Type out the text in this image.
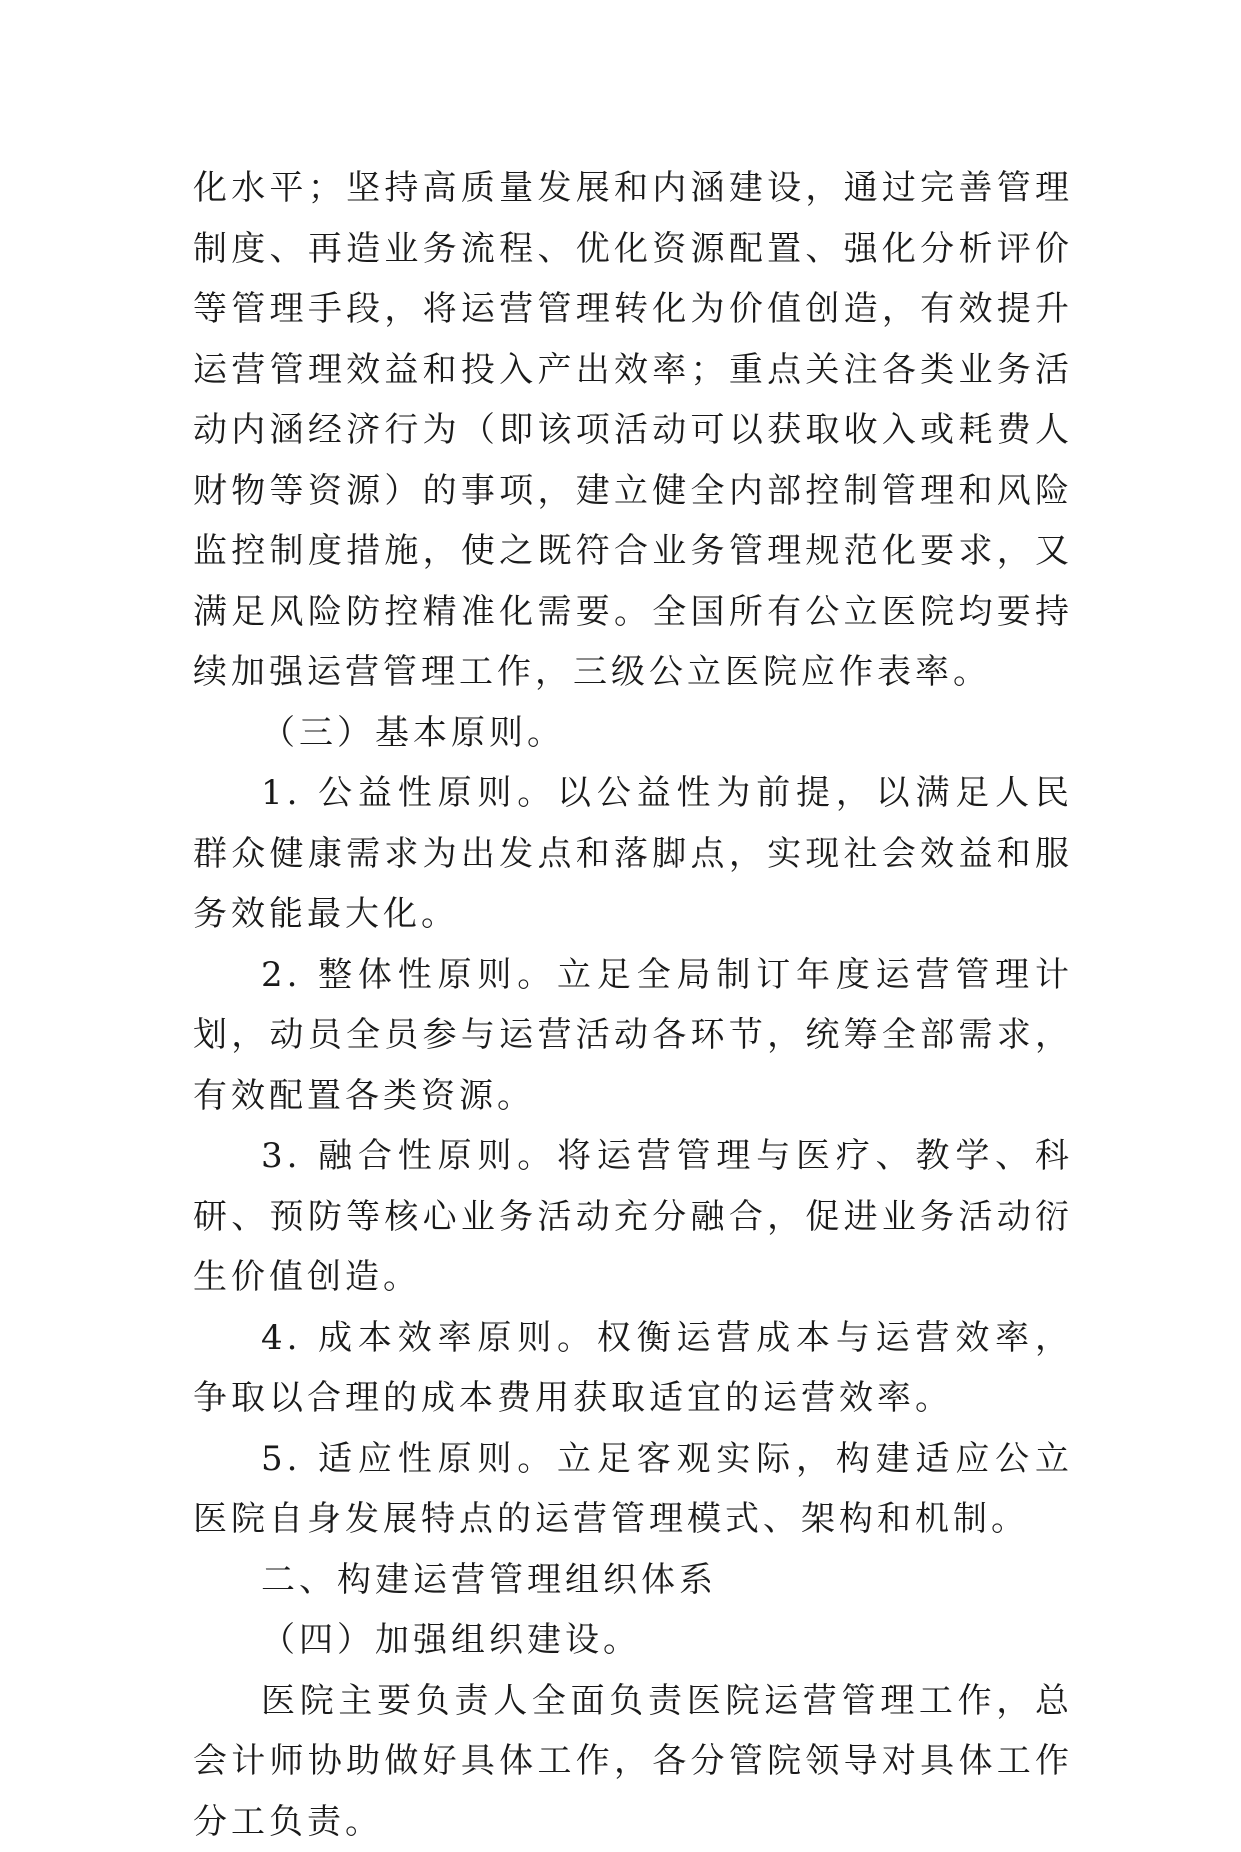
化水平；坚持高质量发展和内涵建设，通过完善管理制度、再造业务流程、优化资源配置、强化分析评价等管理手段，将运营管理转化为价值创造，有效提升运营管理效益和投入产出效率；重点关注各类业务活动内涵经济行为（即该项活动可以获取收入或耗费人财物等资源）的事项，建立健全内部控制管理和风险监控制度措施，使之既符合业务管理规范化要求，又满足风险防控精准化需要。全国所有公立医院均要持续加强运营管理工作，三级公立医院应作表率。

（三）基本原则。

1. 公益性原则。以公益性为前提，以满足人民群众健康需求为出发点和落脚点，实现社会效益和服务效能最大化。

2. 整体性原则。立足全局制订年度运营管理计划，动员全员参与运营活动各环节，统筹全部需求，有效配置各类资源。

3. 融合性原则。将运营管理与医疗、教学、科研、预防等核心业务活动充分融合，促进业务活动衍生价值创造。

4. 成本效率原则。权衡运营成本与运营效率，争取以合理的成本费用获取适宜的运营效率。

5. 适应性原则。立足客观实际，构建适应公立医院自身发展特点的运营管理模式、架构和机制。

二、构建运营管理组织体系

（四）加强组织建设。

医院主要负责人全面负责医院运营管理工作，总会计师协助做好具体工作，各分管院领导对具体工作分工负责。
